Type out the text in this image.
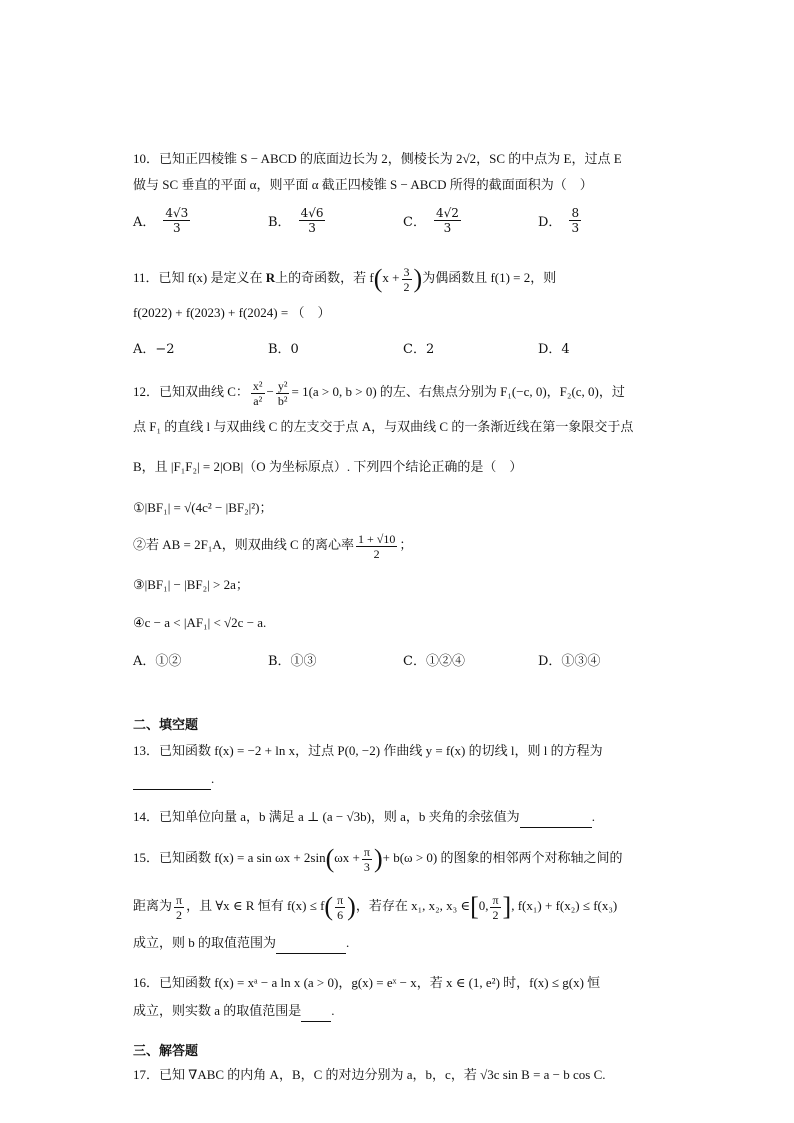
10．已知正四棱锥 S − ABCD 的底面边长为 2，侧棱长为 2√2，SC 的中点为 E，过点 E
做与 SC 垂直的平面 α，则平面 α 截正四棱锥 S − ABCD 所得的截面面积为（　）
A． $\frac{4√3}{3}$	B． $\frac{4√6}{3}$	C． $\frac{4√2}{3}$	D． $\frac{8}{3}$
11．已知 f(x) 是定义在 R上的奇函数，若 $f(x + \frac{3}{2}$ )为偶函数且 f(1) = 2，则
f(2022) + f(2023) + f(2024) = （　）
A．−2	B．0	C．2	D．4
12．已知双曲线 C： $\frac{\text{x²}}{\text{a²}} - \frac{\text{y²}}{\text{b²}} = 1(a > 0$, b > 0) 的左、右焦点分别为 F₁(−c, 0)，F₂(c, 0)，过
点 F₁ 的直线 l 与双曲线 C 的左支交于点 A，与双曲线 C 的一条渐近线在第一象限交于点
B，且 |F₁F₂| = 2|OB|（O 为坐标原点）. 下列四个结论正确的是（　）
①|BF₁| = √(4c² − |BF₂|²)；
②若 AB = 2F₁A，则双曲线 C 的离心率 $\frac{1 + √10}{2}$ ；
③|BF₁| − |BF₂| > 2a；
④c − a < |AF₁| < √2c − a.
A．①②	B．①③	C．①②④	D．①③④
二、填空题
13．已知函数 f(x) = −2 + ln x，过点 P(0, −2) 作曲线 y = f(x) 的切线 l，则 l 的方程为
.
14．已知单位向量 a，b 满足 a ⊥ (a − √3b)，则 a，b 夹角的余弦值为	.
15．已知函数 f(x) = a $\sin \omega x + 2\sin(\omega x + \frac{\pi}{3}$ )+ b(ω > 0) 的图象的相邻两个对称轴之间的
距离为 $\frac{\pi}{2}$ ，且 ∀x ∈ R 恒有 $f(x) \le f( \frac{\pi}{6}$ )，若存在 x₁, x₂, x₃ ∈[0, $\frac{\pi}{2}$ ], f(x₁) + f(x₂) ≤ f(x₃)
成立，则 b 的取值范围为	.
16．已知函数 f(x) = xᵃ − a ln x (a > 0)，g(x) = eˣ − x，若 x ∈ (1, e²) 时，f(x) ≤ g(x) 恒
成立，则实数 a 的取值范围是 .
三、解答题
17．已知 ∇ABC 的内角 A，B，C 的对边分别为 a，b，c，若 √3c sin B = a − b cos C.
